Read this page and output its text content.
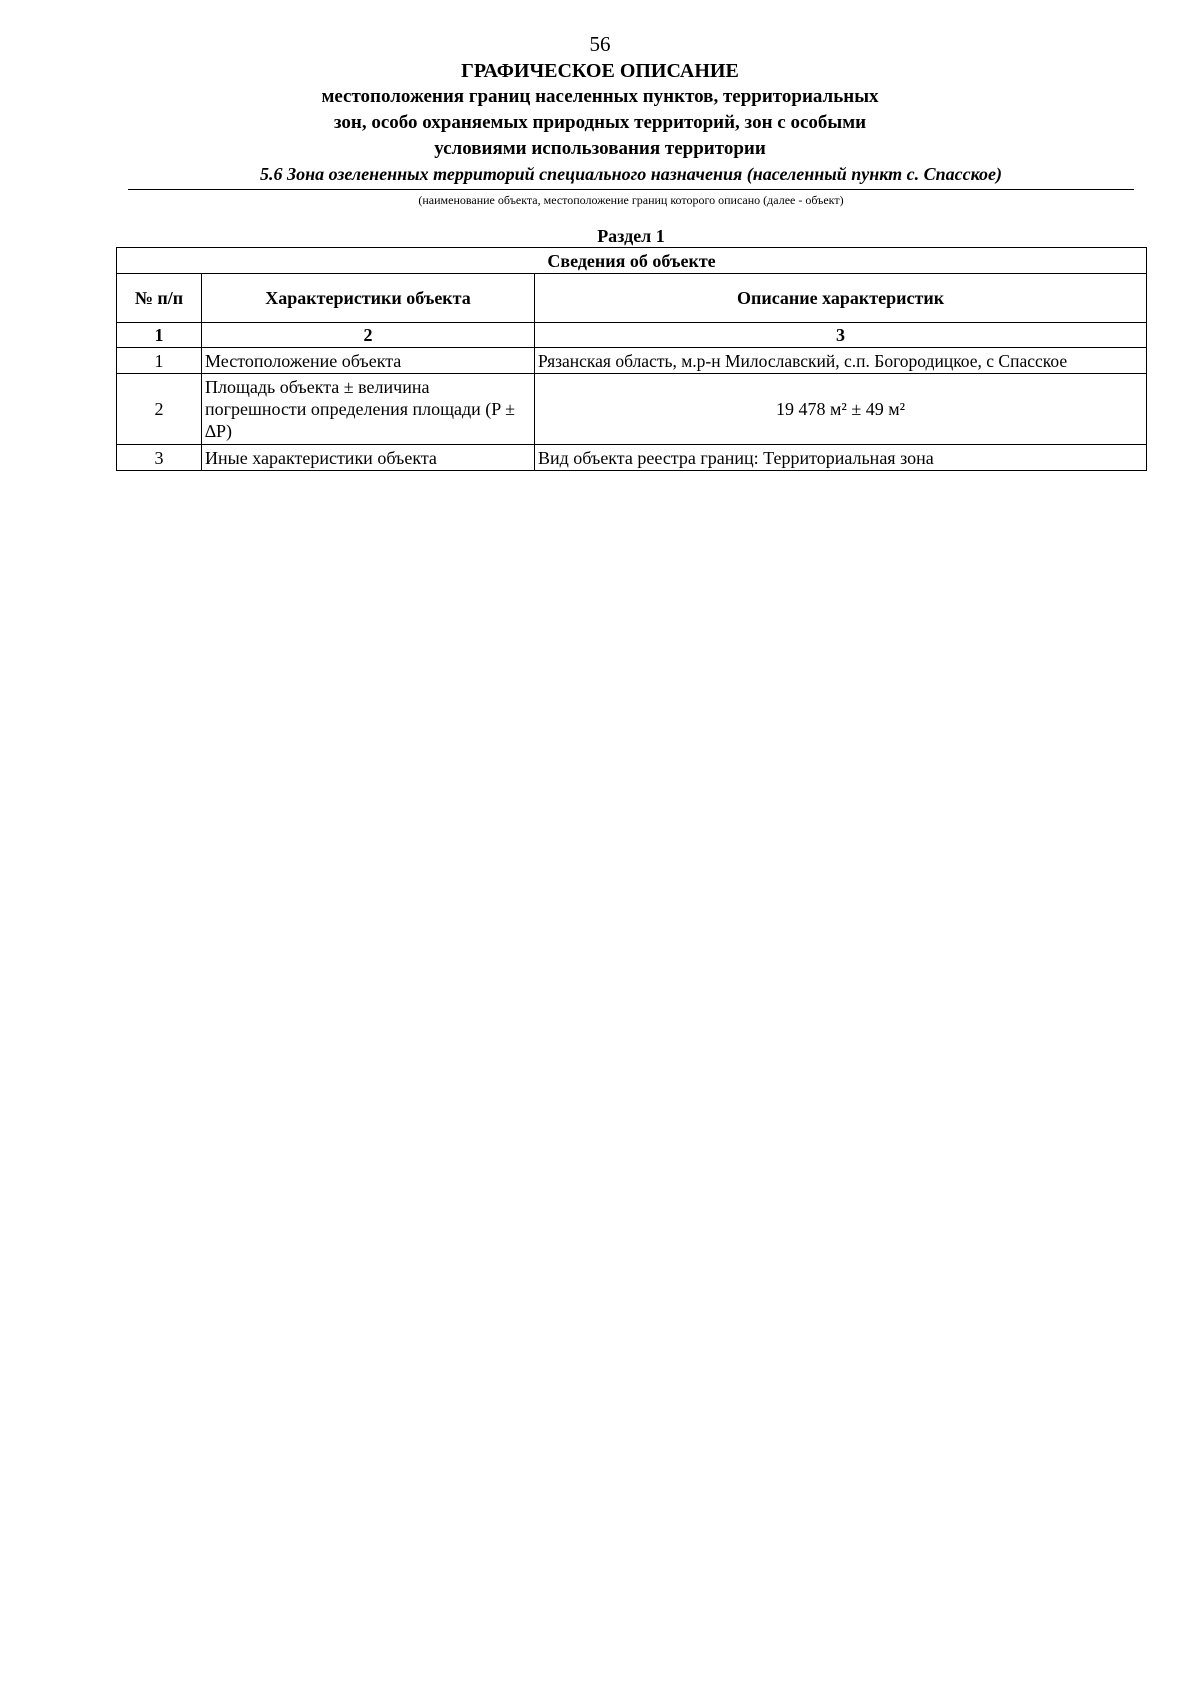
56
ГРАФИЧЕСКОЕ ОПИСАНИЕ
местоположения границ населенных пунктов, территориальных
зон, особо охраняемых природных территорий, зон с особыми
условиями использования территории
5.6 Зона озелененных территорий специального назначения (населенный пункт с. Спасское)
(наименование объекта, местоположение границ которого описано (далее - объект)
Раздел 1
Сведения об объекте		
№ п/п	Характеристики объекта	Описание характеристик
1	2	3
1	Местоположение объекта	Рязанская область, м.р-н Милославский, с.п. Богородицкое, с Спасское
2	Площадь объекта ± величина погрешности определения площади (P ± ∆P)	19 478 м² ± 49 м²
3	Иные характеристики объекта	Вид объекта реестра границ: Территориальная зона
